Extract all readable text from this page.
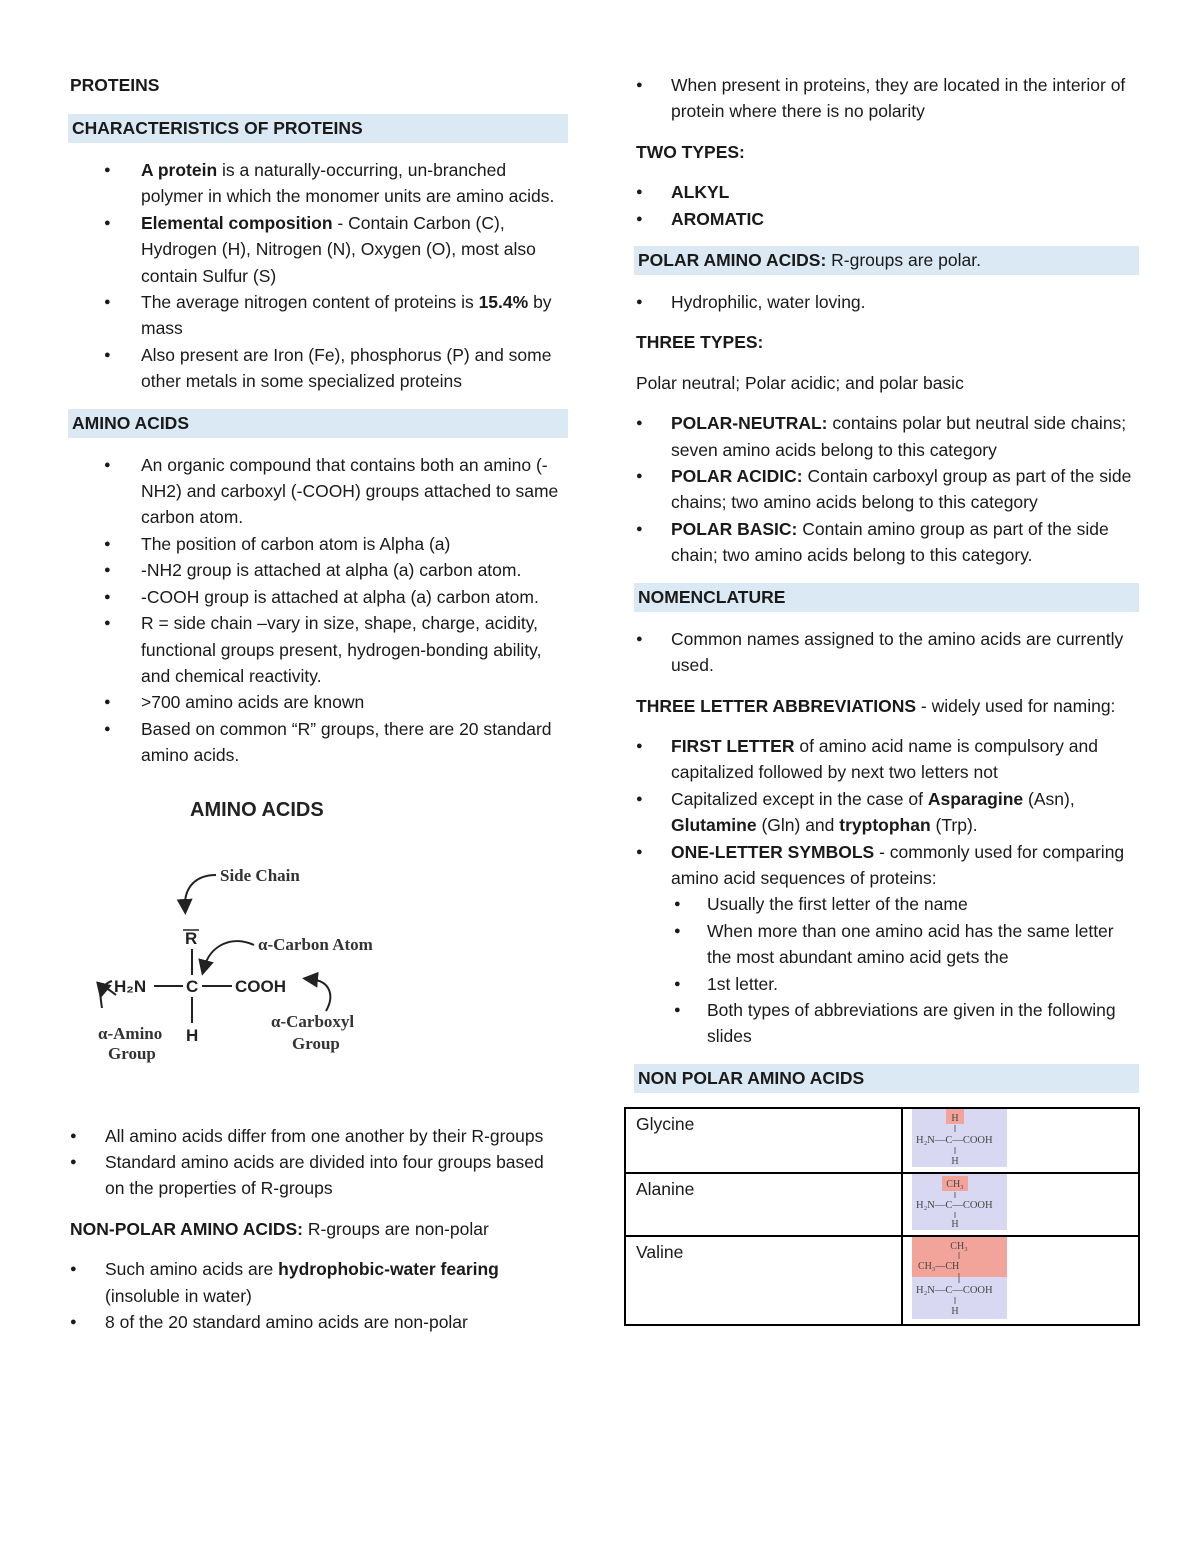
PROTEINS
CHARACTERISTICS OF PROTEINS
● A protein is a naturally-occurring, un-branched polymer in which the monomer units are amino acids.
● Elemental composition - Contain Carbon (C), Hydrogen (H), Nitrogen (N), Oxygen (O), most also contain Sulfur (S)
● The average nitrogen content of proteins is 15.4% by mass
● Also present are Iron (Fe), phosphorus (P) and some other metals in some specialized proteins
AMINO ACIDS
● An organic compound that contains both an amino (-NH2) and carboxyl (-COOH) groups attached to same carbon atom.
● The position of carbon atom is Alpha (a)
● -NH2 group is attached at alpha (a) carbon atom.
● -COOH group is attached at alpha (a) carbon atom.
● R = side chain –vary in size, shape, charge, acidity, functional groups present, hydrogen-bonding ability, and chemical reactivity.
● >700 amino acids are known
● Based on common “R” groups, there are 20 standard amino acids.
AMINO ACIDS
Side Chain
R	α-Carbon Atom
H₂N C COOH
H
α-Amino
Group
α-Carboxyl
Group
● All amino acids differ from one another by their R-groups
● Standard amino acids are divided into four groups based on the properties of R-groups

NON-POLAR AMINO ACIDS: R-groups are non-polar

● Such amino acids are hydrophobic-water fearing (insoluble in water)
● 8 of the 20 standard amino acids are non-polar
● When present in proteins, they are located in the interior of protein where there is no polarity

TWO TYPES:

● ALKYL
● AROMATIC
POLAR AMINO ACIDS: R-groups are polar.
● Hydrophilic, water loving.

THREE TYPES:

Polar neutral; Polar acidic; and polar basic

● POLAR-NEUTRAL: contains polar but neutral side chains; seven amino acids belong to this category
● POLAR ACIDIC: Contain carboxyl group as part of the side chains; two amino acids belong to this category
● POLAR BASIC: Contain amino group as part of the side chain; two amino acids belong to this category.
NOMENCLATURE
● Common names assigned to the amino acids are currently used.

THREE LETTER ABBREVIATIONS - widely used for naming:

● FIRST LETTER of amino acid name is compulsory and capitalized followed by next two letters not
● Capitalized except in the case of Asparagine (Asn), Glutamine (Gln) and tryptophan (Trp).
● ONE-LETTER SYMBOLS - commonly used for comparing amino acid sequences of proteins:
● Usually the first letter of the name
● When more than one amino acid has the same letter the most abundant amino acid gets the
● 1st letter.
● Both types of abbreviations are given in the following slides
NON POLAR AMINO ACIDS
Glycine	H
H₂N—C—COOH
H

Alanine	CH₃
H₂N—C—COOH
H

Valine	CH₃
CH₃—CH
H₂N—C—COOH
H
